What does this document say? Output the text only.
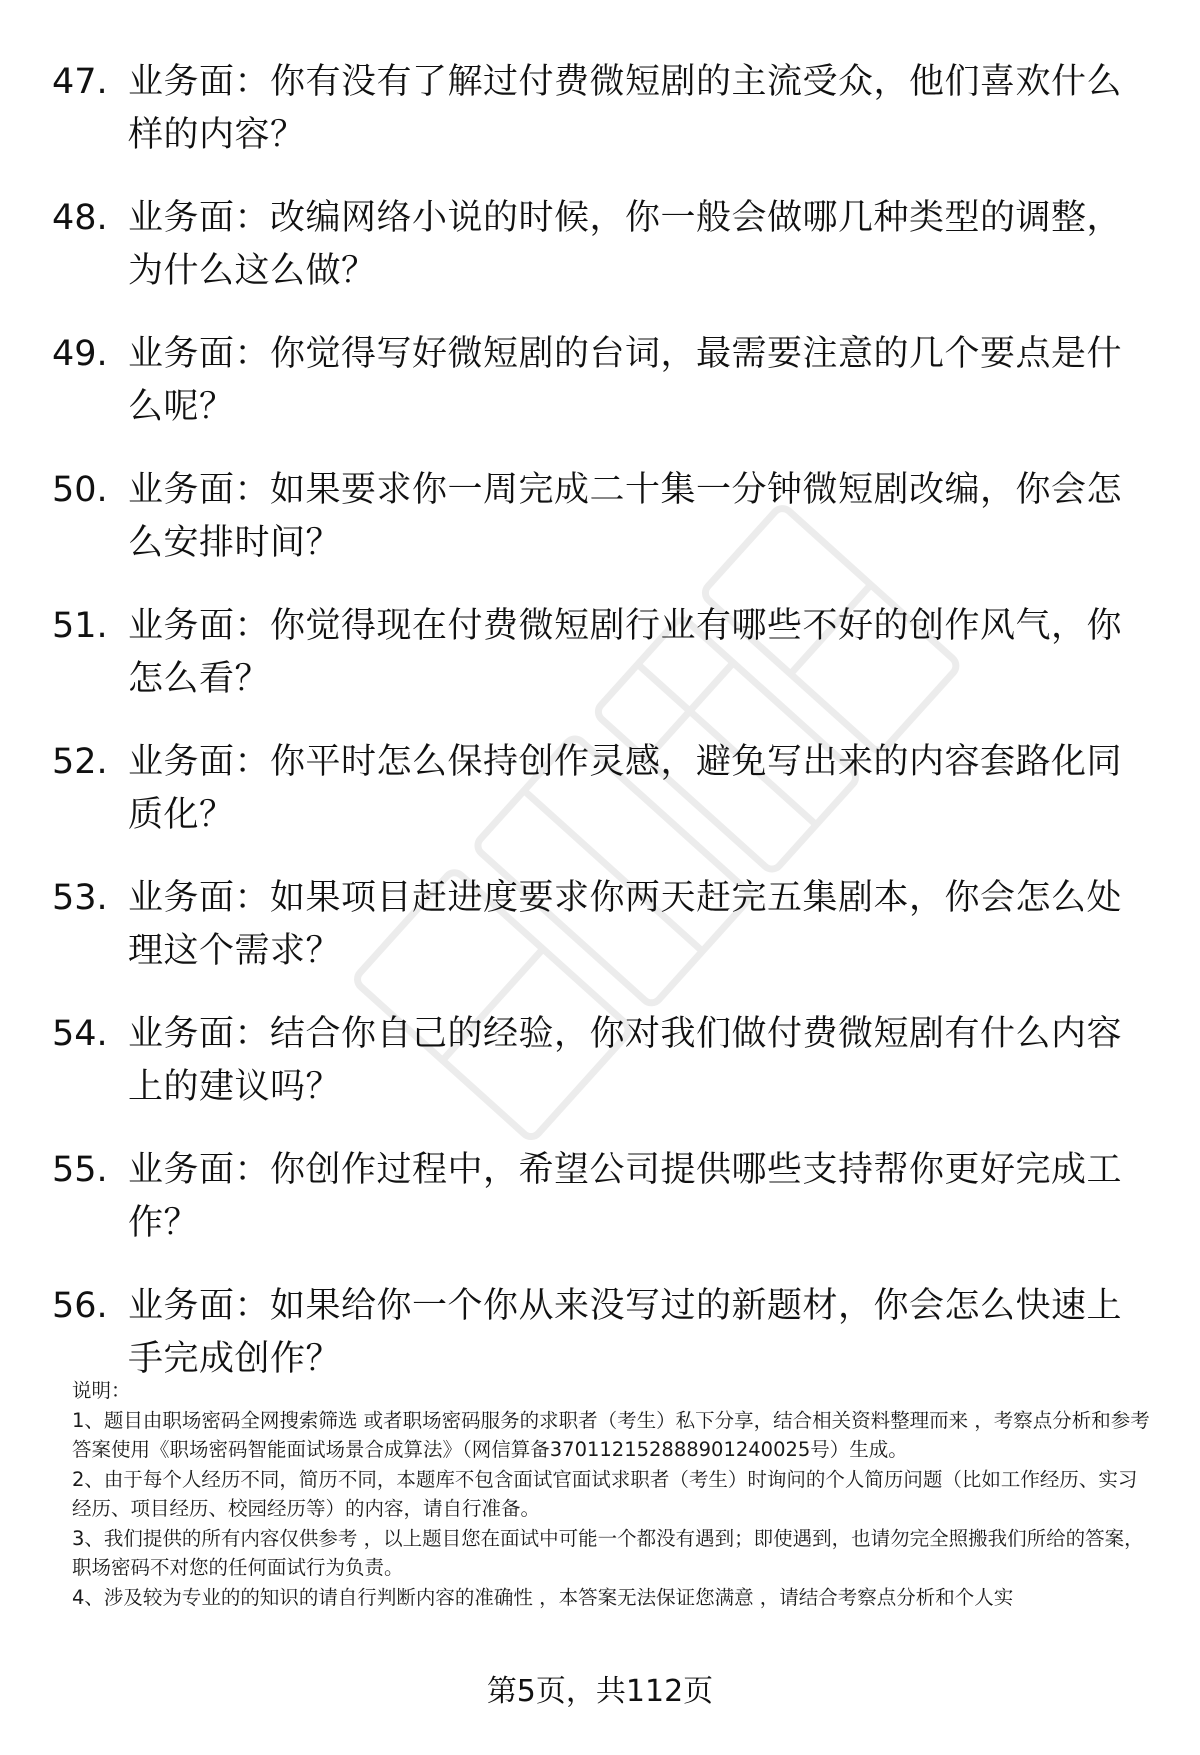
47. 业务面：你有没有了解过付费微短剧的主流受众，他们喜欢什么样的内容？
48. 业务面：改编网络小说的时候，你一般会做哪几种类型的调整，为什么这么做？
49. 业务面：你觉得写好微短剧的台词，最需要注意的几个要点是什么呢？
50. 业务面：如果要求你一周完成二十集一分钟微短剧改编，你会怎么安排时间？
51. 业务面：你觉得现在付费微短剧行业有哪些不好的创作风气，你怎么看？
52. 业务面：你平时怎么保持创作灵感，避免写出来的内容套路化同质化？
53. 业务面：如果项目赶进度要求你两天赶完五集剧本，你会怎么处理这个需求？
54. 业务面：结合你自己的经验，你对我们做付费微短剧有什么内容上的建议吗？
55. 业务面：你创作过程中，希望公司提供哪些支持帮你更好完成工作？
56. 业务面：如果给你一个你从来没写过的新题材，你会怎么快速上手完成创作？

说明：

1、题目由职场密码全网搜索筛选 或者职场密码服务的求职者（考生）私下分享，结合相关资料整理而来 ，考察点分析和参考答案使用《职场密码智能面试场景合成算法》（网信算备370112152888901240025号）生成。

2、由于每个人经历不同，简历不同，本题库不包含面试官面试求职者（考生）时询问的个人简历问题（比如工作经历、实习经历、项目经历、校园经历等）的内容，请自行准备。

3、我们提供的所有内容仅供参考 ，以上题目您在面试中可能一个都没有遇到；即使遇到，也请勿完全照搬我们所给的答案，职场密码不对您的任何面试行为负责。

4、涉及较为专业的的知识的请自行判断内容的准确性 ，本答案无法保证您满意 ，请结合考察点分析和个人实

第5页，共112页
